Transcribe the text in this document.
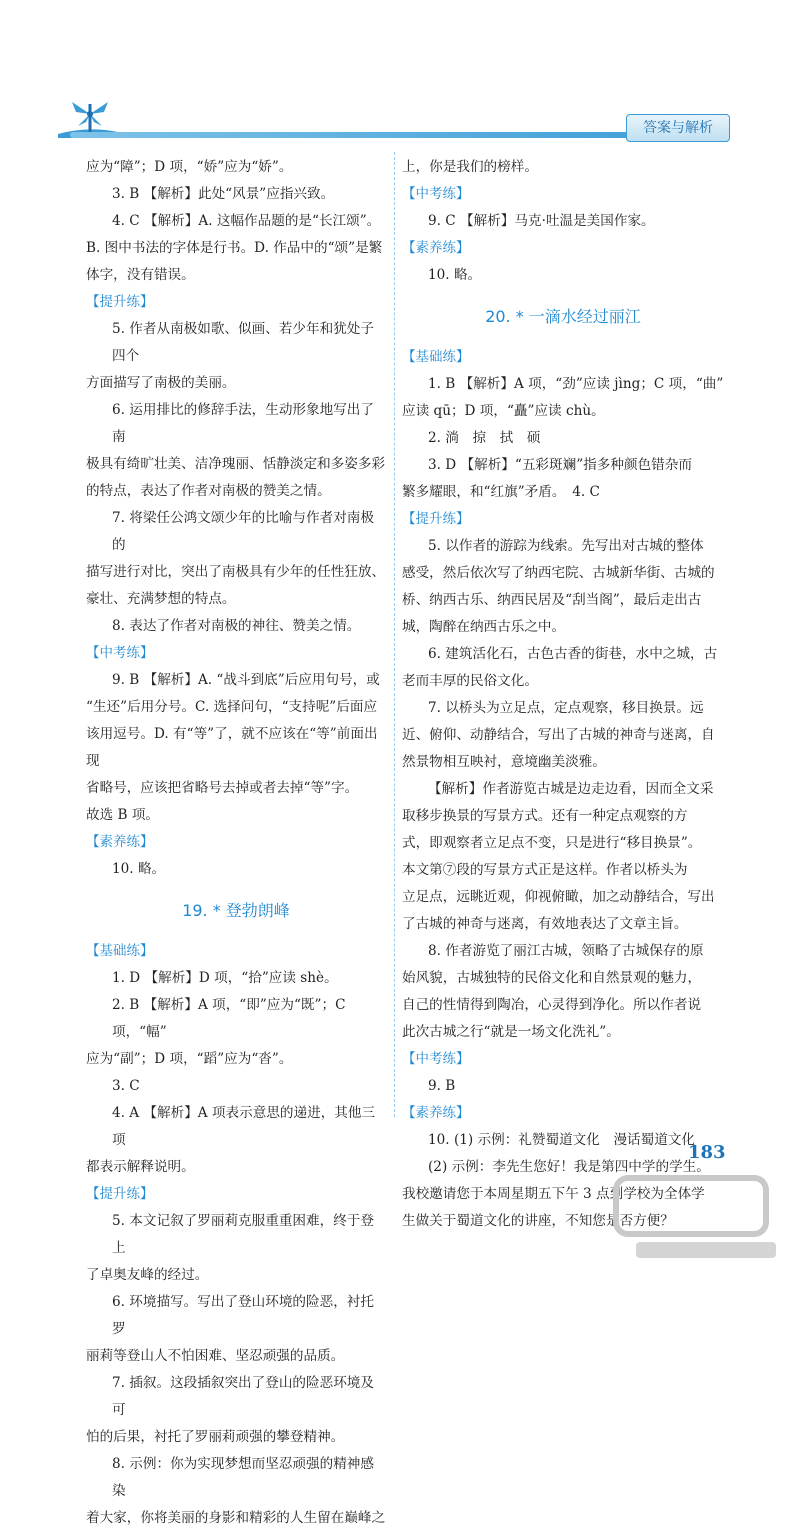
答案与解析

应为“障”；D 项，“娇”应为“娇”。

3. B 【解析】此处“风景”应指兴致。

4. C 【解析】A. 这幅作品题的是“长江颂”。

B. 图中书法的字体是行书。D. 作品中的“颂”是繁

体字，没有错误。

【提升练】

5. 作者从南极如歌、似画、若少年和犹处子四个

方面描写了南极的美丽。

6. 运用排比的修辞手法，生动形象地写出了南

极具有绮旷壮美、洁净瑰丽、恬静淡定和多姿多彩

的特点，表达了作者对南极的赞美之情。

7. 将梁任公鸿文颂少年的比喻与作者对南极的

描写进行对比，突出了南极具有少年的任性狂放、

豪壮、充满梦想的特点。

8. 表达了作者对南极的神往、赞美之情。

【中考练】

9. B 【解析】A. “战斗到底”后应用句号，或

“生还”后用分号。C. 选择问句，“支持呢”后面应

该用逗号。D. 有“等”了，就不应该在“等”前面出现

省略号，应该把省略号去掉或者去掉“等”字。

故选 B 项。

【素养练】

10. 略。

19. * 登勃朗峰

【基础练】

1. D 【解析】D 项，“拾”应读 shè。

2. B 【解析】A 项，“即”应为“既”；C 项，“幅”

应为“副”；D 项，“蹈”应为“沓”。

3. C

4. A 【解析】A 项表示意思的递进，其他三项

都表示解释说明。

【提升练】

5. 本文记叙了罗丽莉克服重重困难，终于登上

了卓奥友峰的经过。

6. 环境描写。写出了登山环境的险恶，衬托罗

丽莉等登山人不怕困难、坚忍顽强的品质。

7. 插叙。这段插叙突出了登山的险恶环境及可

怕的后果，衬托了罗丽莉顽强的攀登精神。

8. 示例：你为实现梦想而坚忍顽强的精神感染

着大家，你将美丽的身影和精彩的人生留在巅峰之

上，你是我们的榜样。

【中考练】

9. C 【解析】马克·吐温是美国作家。

【素养练】

10. 略。

20. * 一滴水经过丽江

【基础练】

1. B 【解析】A 项，“劲”应读 jìng；C 项，“曲”

应读 qū；D 项，“矗”应读 chù。

2. 淌　掠　拭　硕

3. D 【解析】“五彩斑斓”指多种颜色错杂而

繁多耀眼，和“红旗”矛盾。　4. C

【提升练】

5. 以作者的游踪为线索。先写出对古城的整体

感受，然后依次写了纳西宅院、古城新华街、古城的

桥、纳西古乐、纳西民居及“刮当阁”，最后走出古

城，陶醉在纳西古乐之中。

6. 建筑活化石，古色古香的街巷，水中之城，古

老而丰厚的民俗文化。

7. 以桥头为立足点，定点观察，移目换景。远

近、俯仰、动静结合，写出了古城的神奇与迷离，自

然景物相互映衬，意境幽美淡雅。

【解析】作者游览古城是边走边看，因而全文采

取移步换景的写景方式。还有一种定点观察的方

式，即观察者立足点不变，只是进行“移目换景”。

本文第⑦段的写景方式正是这样。作者以桥头为

立足点，远眺近观，仰视俯瞰，加之动静结合，写出

了古城的神奇与迷离，有效地表达了文章主旨。

8. 作者游览了丽江古城，领略了古城保存的原

始风貌，古城独特的民俗文化和自然景观的魅力，

自己的性情得到陶冶，心灵得到净化。所以作者说

此次古城之行“就是一场文化洗礼”。

【中考练】

9. B

【素养练】

10. (1) 示例：礼赞蜀道文化　漫话蜀道文化

(2) 示例：李先生您好！我是第四中学的学生。

我校邀请您于本周星期五下午 3 点到学校为全体学

生做关于蜀道文化的讲座，不知您是否方便？

183
